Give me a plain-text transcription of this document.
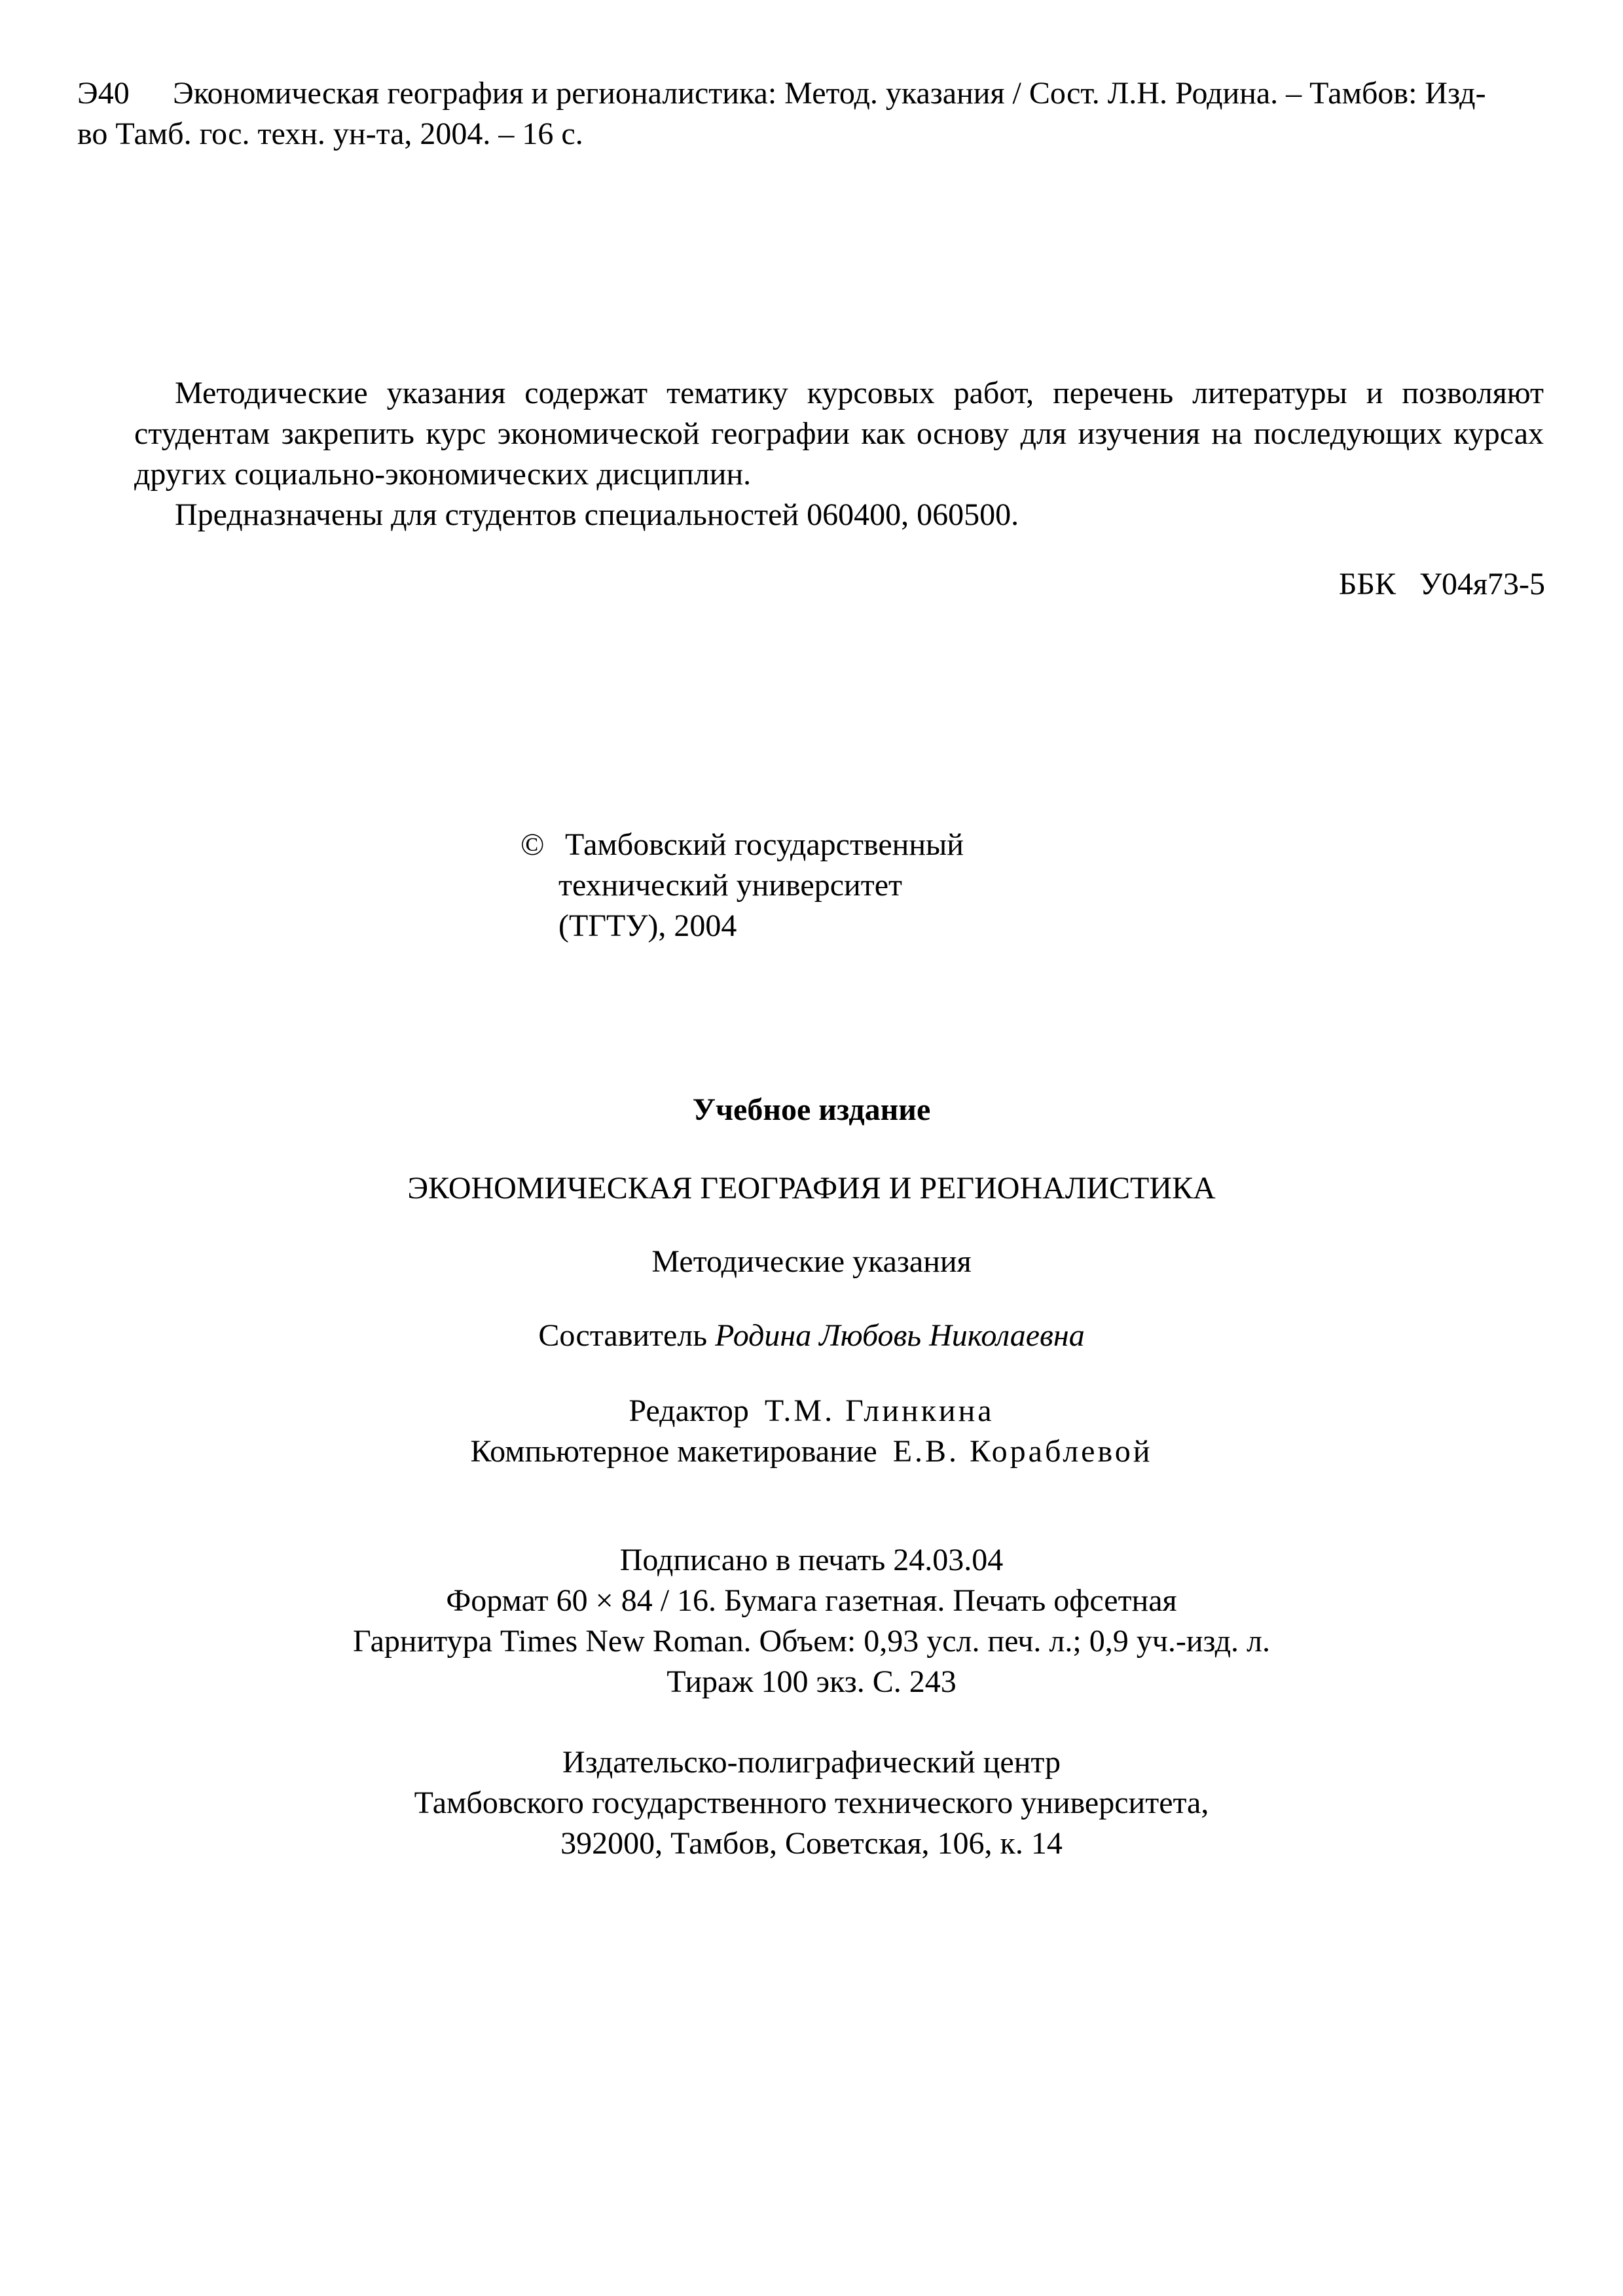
Э40 Экономическая география и регионалистика: Метод. указания / Сост. Л.Н. Родина. – Тамбов: Изд-
во Тамб. гос. техн. ун-та, 2004. – 16 с.

Методические указания содержат тематику курсовых работ, перечень литературы и позволяют студентам закрепить курс экономической географии как основу для изучения на последующих курсах других социально-экономических дисциплин.

Предназначены для студентов специальностей 060400, 060500.

ББК У04я73-5
© Тамбовский государственный
технический университет
(ТГТУ), 2004
Учебное издание
ЭКОНОМИЧЕСКАЯ ГЕОГРАФИЯ И РЕГИОНАЛИСТИКА
Методические указания
Составитель Родина Любовь Николаевна
Редактор Т.М. Глинкина
Компьютерное макетирование Е.В. Кораблевой
Подписано в печать 24.03.04
Формат 60 × 84 / 16. Бумага газетная. Печать офсетная
Гарнитура Times New Roman. Объем: 0,93 усл. печ. л.; 0,9 уч.-изд. л.
Тираж 100 экз. С. 243
Издательско-полиграфический центр
Тамбовского государственного технического университета,
392000, Тамбов, Советская, 106, к. 14
